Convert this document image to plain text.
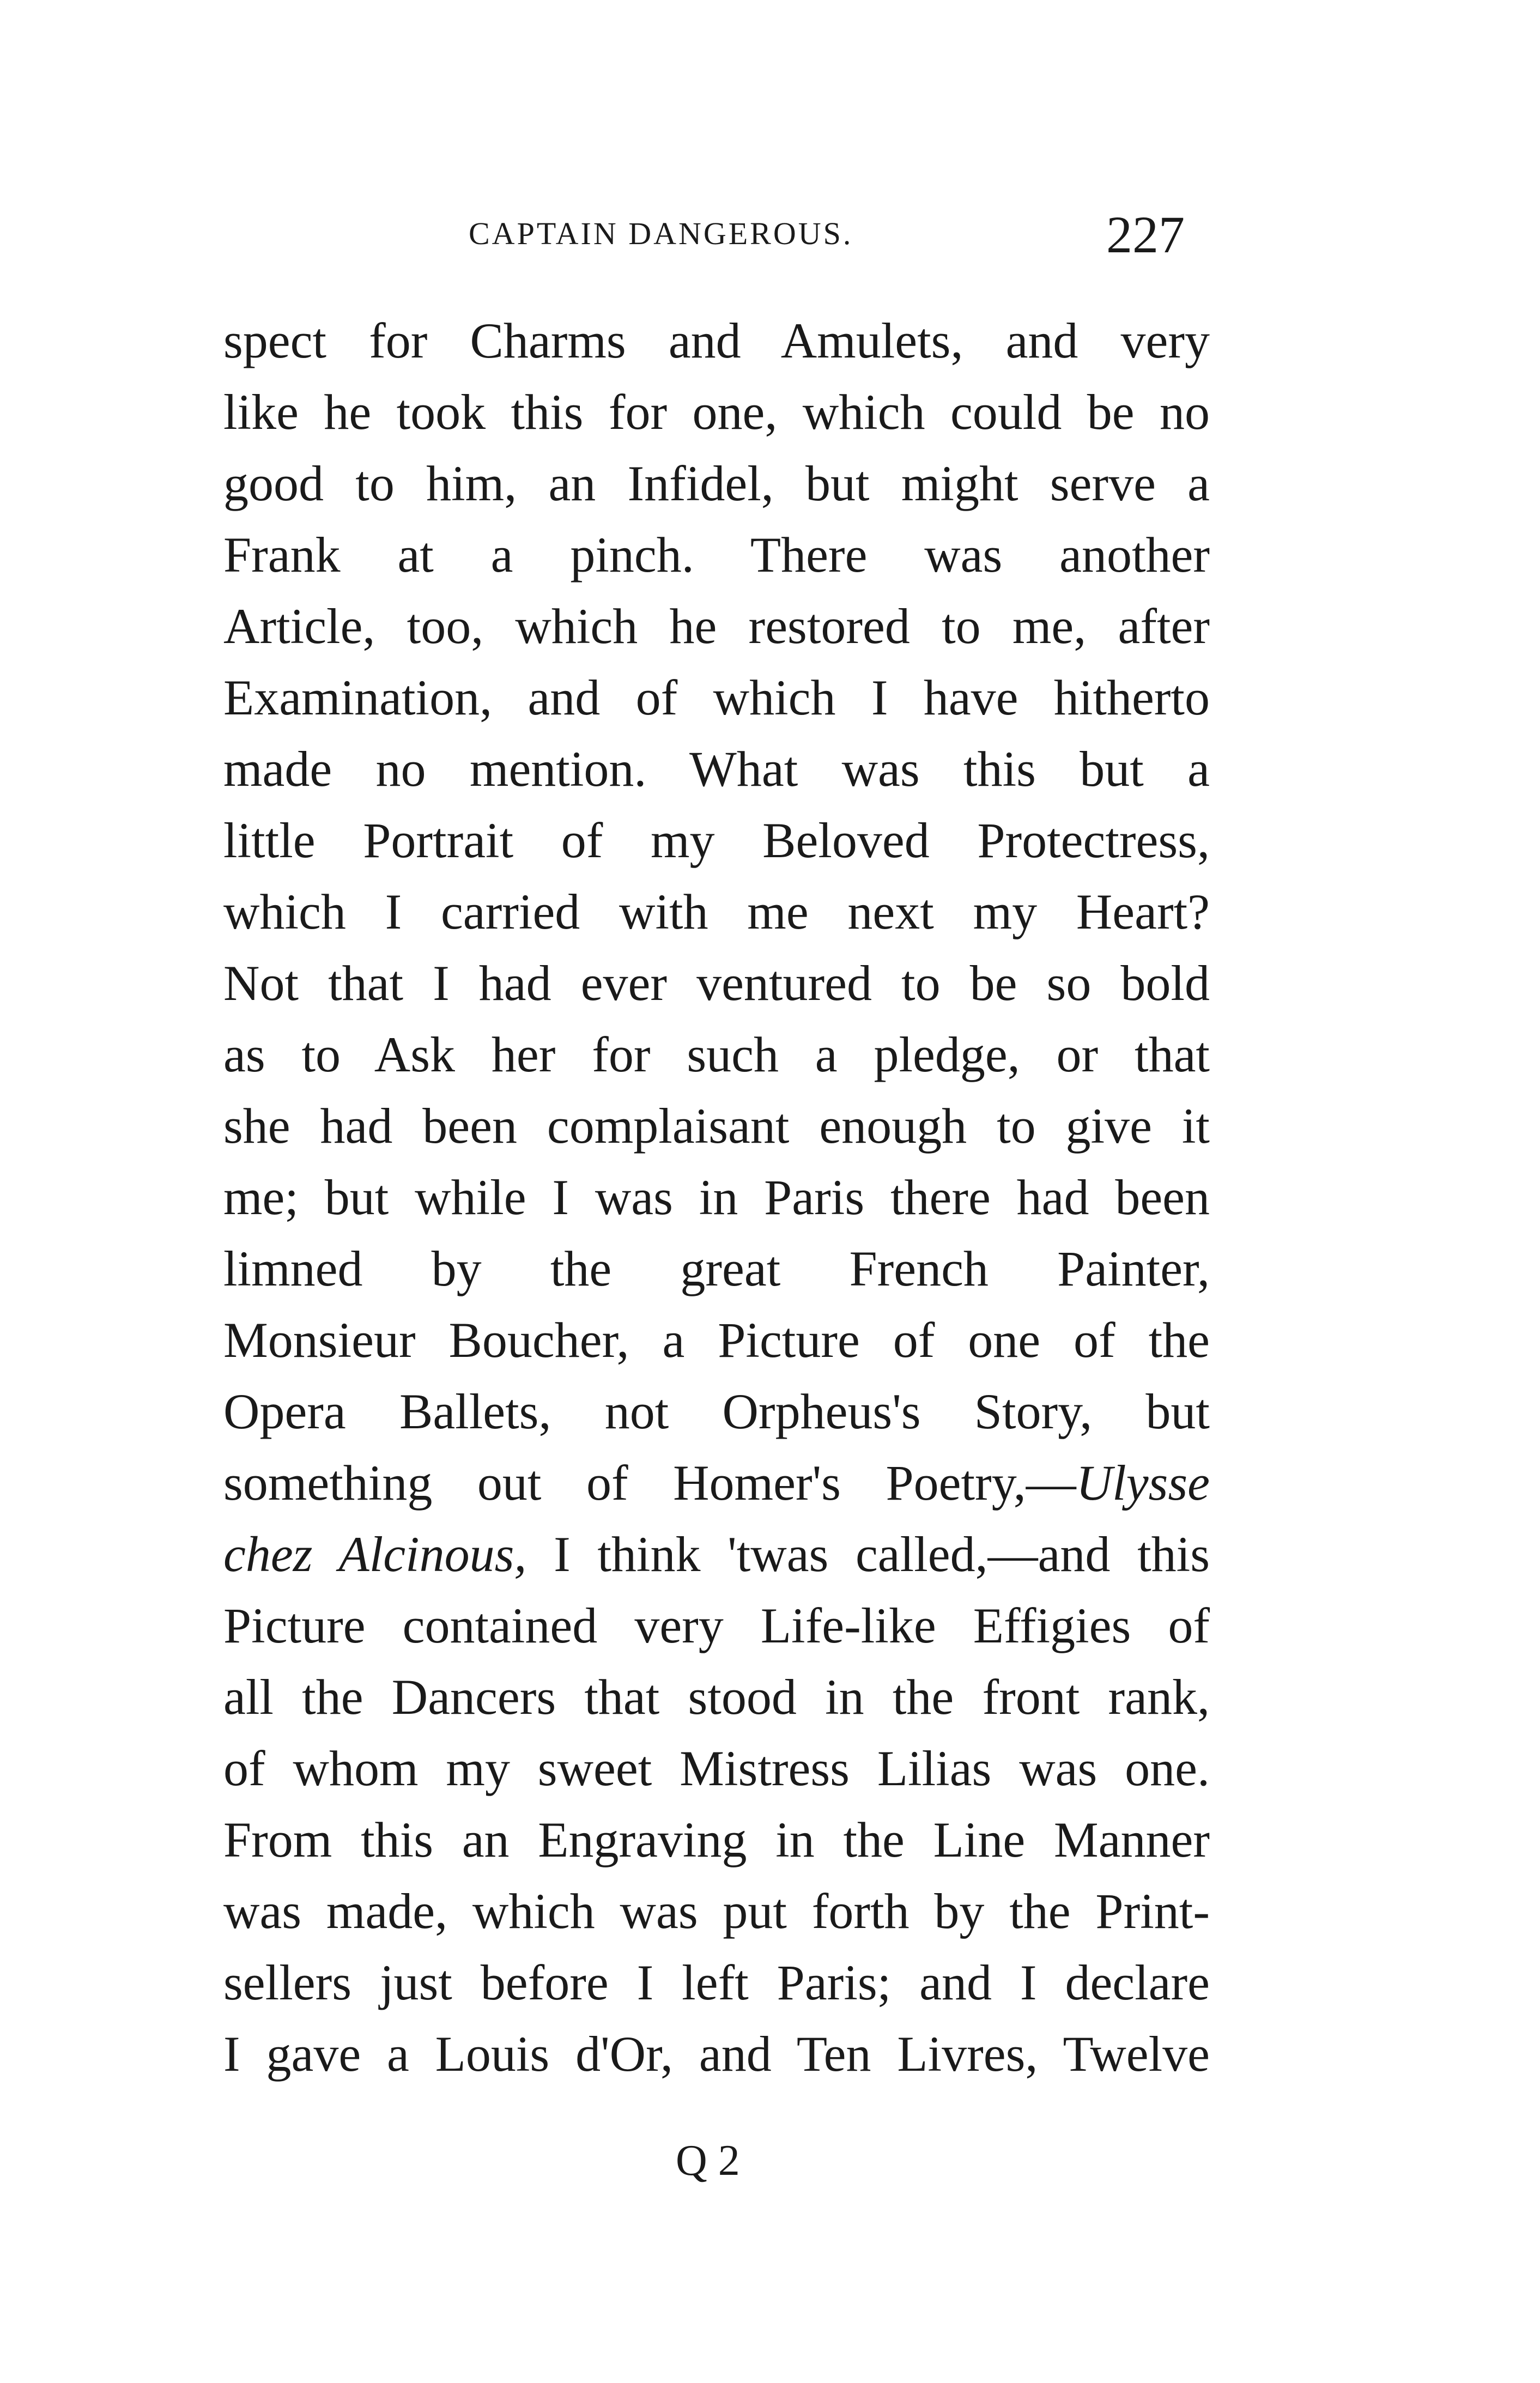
CAPTAIN DANGEROUS.	227
spect for Charms and Amulets, and very
like he took this for one, which could be no
good to him, an Infidel, but might serve a
Frank at a pinch. There was another
Article, too, which he restored to me, after
Examination, and of which I have hitherto
made no mention. What was this but a
little Portrait of my Beloved Protectress,
which I carried with me next my Heart?
Not that I had ever ventured to be so bold
as to Ask her for such a pledge, or that
she had been complaisant enough to give it
me; but while I was in Paris there had been
limned by the great French Painter,
Monsieur Boucher, a Picture of one of the
Opera Ballets, not Orpheus's Story, but
something out of Homer's Poetry,—Ulysse
chez Alcinous, I think 'twas called,—and this
Picture contained very Life-like Effigies of
all the Dancers that stood in the front rank,
of whom my sweet Mistress Lilias was one.
From this an Engraving in the Line Manner
was made, which was put forth by the Print-
sellers just before I left Paris; and I declare
I gave a Louis d'Or, and Ten Livres, Twelve
Q 2
